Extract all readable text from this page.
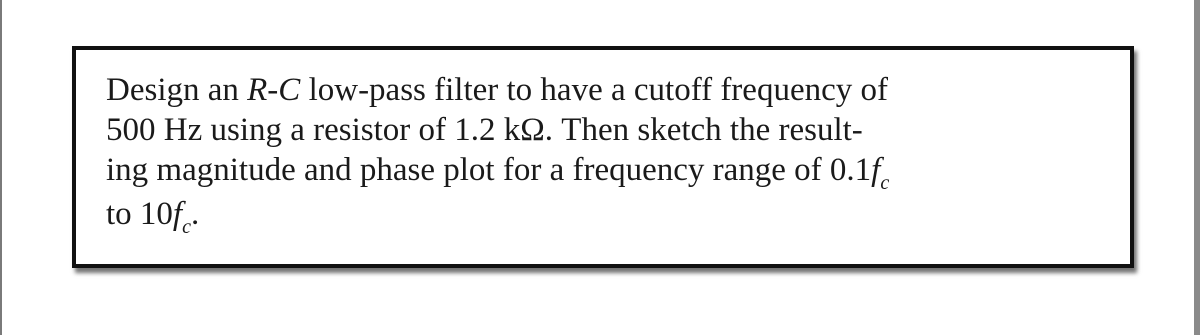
Design an R-C low-pass filter to have a cutoff frequency of
500 Hz using a resistor of 1.2 kΩ. Then sketch the result-
ing magnitude and phase plot for a frequency range of $0.1f_c$
to $10f_c$.
